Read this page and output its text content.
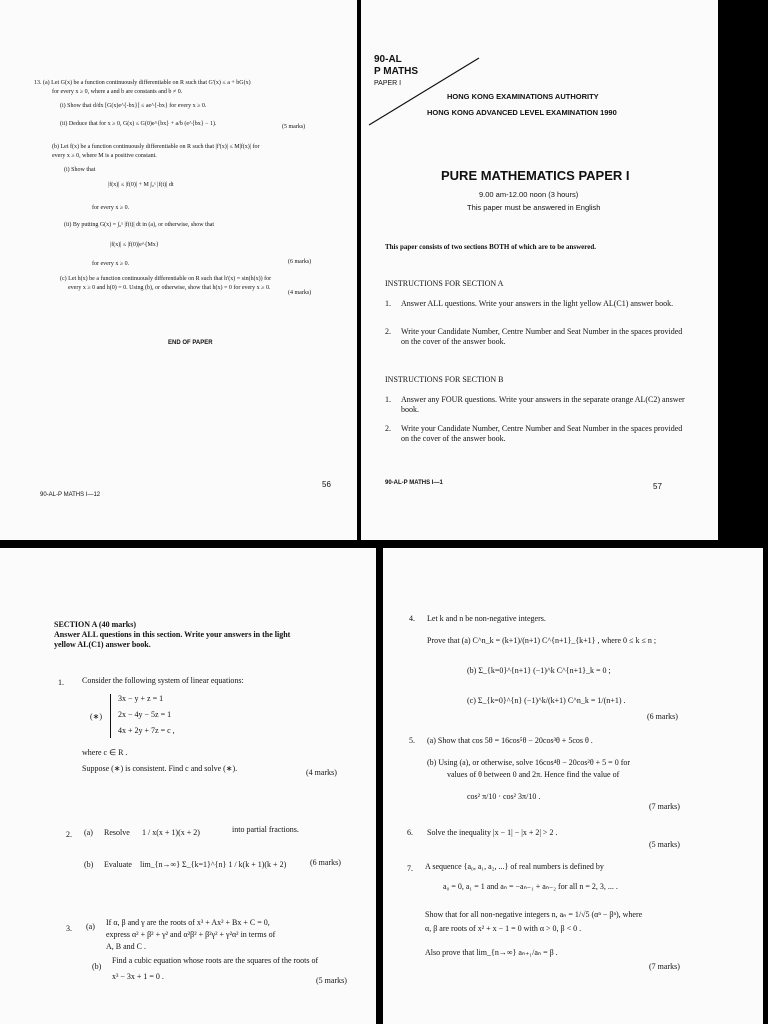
13. (a) Let G(x) be a function continuously differentiable on R such that G'(x) ≤ a + bG(x)
for every x ≥ 0, where a and b are constants and b ≠ 0.
(i) Show that d/dx [G(x)e^{-bx}] ≤ ae^{-bx} for every x ≥ 0.
(ii) Deduce that for x ≥ 0, G(x) ≤ G(0)e^{bx} + a/b (e^{bx} − 1).	(5 marks)
(b) Let f(x) be a function continuously differentiable on R such that |f'(x)| ≤ M|f(x)| for
every x ≥ 0, where M is a positive constant.
(i) Show that
|f(x)| ≤ |f(0)| + M ∫₀ˣ |f(t)| dt
for every x ≥ 0.
(ii) By putting G(x) = ∫₀ˣ |f(t)| dt in (a), or otherwise, show that
|f(x)| ≤ |f(0)|e^{Mx}
for every x ≥ 0.	(6 marks)
(c) Let h(x) be a function continuously differentiable on R such that h'(x) = sin(h(x)) for
every x ≥ 0 and h(0) = 0. Using (b), or otherwise, show that h(x) = 0 for every x ≥ 0.
(4 marks)
END OF PAPER
56
90-AL-P MATHS I—12
90-AL
P MATHS
PAPER I
HONG KONG EXAMINATIONS AUTHORITY
HONG KONG ADVANCED LEVEL EXAMINATION 1990
PURE MATHEMATICS PAPER I
9.00 am-12.00 noon (3 hours)
This paper must be answered in English
This paper consists of two sections BOTH of which are to be answered.
INSTRUCTIONS FOR SECTION A
1. Answer ALL questions. Write your answers in the light yellow AL(C1) answer book.
2. Write your Candidate Number, Centre Number and Seat Number in the spaces provided on the cover of the answer book.
INSTRUCTIONS FOR SECTION B
1. Answer any FOUR questions. Write your answers in the separate orange AL(C2) answer book.
2. Write your Candidate Number, Centre Number and Seat Number in the spaces provided on the cover of the answer book.
90-AL-P MATHS I—1	57
SECTION A (40 marks)
Answer ALL questions in this section. Write your answers in the light
yellow AL(C1) answer book.
1. Consider the following system of linear equations:
(∗)
3x − y + z = 1
2x − 4y − 5z = 1
4x + 2y + 7z = c ,
where c ∈ R .
Suppose (∗) is consistent. Find c and solve (∗).	(4 marks)
2. (a) Resolve 1 / x(x + 1)(x + 2)	into partial fractions.
(b) Evaluate lim_{n→∞} Σ_{k=1}^{n} 1 / k(k + 1)(k + 2)	(6 marks)
3. (a) If α, β and γ are the roots of x³ + Ax² + Bx + C = 0,
express α² + β² + γ² and α²β² + β²γ² + γ²α² in terms of
A, B and C .
(b)
Find a cubic equation whose roots are the squares of the roots of
x³ − 3x + 1 = 0 .	(5 marks)
4. Let k and n be non-negative integers.
Prove that (a) C^n_k = (k+1)/(n+1) C^{n+1}_{k+1} , where 0 ≤ k ≤ n ;
(b) Σ_{k=0}^{n+1} (−1)^k C^{n+1}_k = 0 ;
(c) Σ_{k=0}^{n} (−1)^k/(k+1) C^n_k = 1/(n+1) .
(6 marks)
5. (a) Show that cos 5θ = 16cos⁵θ − 20cos³θ + 5cos θ .
(b) Using (a), or otherwise, solve 16cos⁴θ − 20cos²θ + 5 = 0 for
values of θ between 0 and 2π. Hence find the value of
cos² π/10 · cos² 3π/10 .
(7 marks)
6. Solve the inequality |x − 1| − |x + 2| > 2 .
(5 marks)
7. A sequence {a₀, a₁, a₂, ...} of real numbers is defined by
a₀ = 0, a₁ = 1 and aₙ = −aₙ₋₁ + aₙ₋₂ for all n = 2, 3, ... .
Show that for all non-negative integers n, aₙ = 1/√5 (αⁿ − βⁿ), where
α, β are roots of x² + x − 1 = 0 with α > 0, β < 0 .
Also prove that lim_{n→∞} aₙ₊₁/aₙ = β .
(7 marks)
